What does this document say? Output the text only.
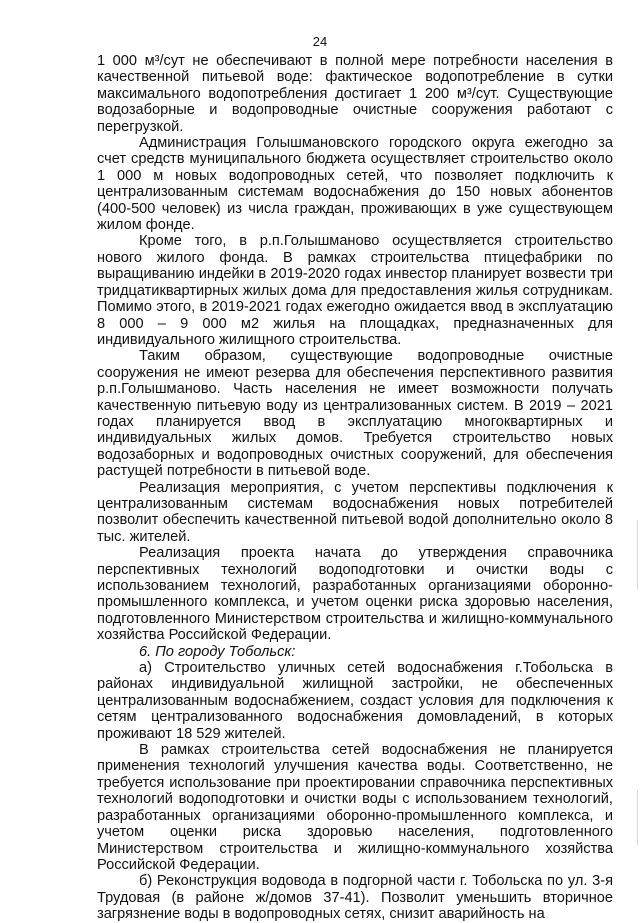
24

1 000 м³/сут не обеспечивают в полной мере потребности населения в качественной питьевой воде: фактическое водопотребление в сутки максимального водопотребления достигает 1 200 м³/сут. Существующие водозаборные и водопроводные очистные сооружения работают с перегрузкой.

Администрация Голышмановского городского округа ежегодно за счет средств муниципального бюджета осуществляет строительство около 1 000 м новых водопроводных сетей, что позволяет подключить к централизованным системам водоснабжения до 150 новых абонентов (400-500 человек) из числа граждан, проживающих в уже существующем жилом фонде.

Кроме того, в р.п.Голышманово осуществляется строительство нового жилого фонда. В рамках строительства птицефабрики по выращиванию индейки в 2019-2020 годах инвестор планирует возвести три тридцатиквартирных жилых дома для предоставления жилья сотрудникам. Помимо этого, в 2019-2021 годах ежегодно ожидается ввод в эксплуатацию 8 000 – 9 000 м2 жилья на площадках, предназначенных для индивидуального жилищного строительства.

Таким образом, существующие водопроводные очистные сооружения не имеют резерва для обеспечения перспективного развития р.п.Голышманово. Часть населения не имеет возможности получать качественную питьевую воду из централизованных систем. В 2019 – 2021 годах планируется ввод в эксплуатацию многоквартирных и индивидуальных жилых домов. Требуется строительство новых водозаборных и водопроводных очистных сооружений, для обеспечения растущей потребности в питьевой воде.

Реализация мероприятия, с учетом перспективы подключения к централизованным системам водоснабжения новых потребителей позволит обеспечить качественной питьевой водой дополнительно около 8 тыс. жителей.

Реализация проекта начата до утверждения справочника перспективных технологий водоподготовки и очистки воды с использованием технологий, разработанных организациями оборонно-промышленного комплекса, и учетом оценки риска здоровью населения, подготовленного Министерством строительства и жилищно-коммунального хозяйства Российской Федерации.

6. По городу Тобольск:

а) Строительство уличных сетей водоснабжения г.Тобольска в районах индивидуальной жилищной застройки, не обеспеченных централизованным водоснабжением, создаст условия для подключения к сетям централизованного водоснабжения домовладений, в которых проживают 18 529 жителей.

В рамках строительства сетей водоснабжения не планируется применения технологий улучшения качества воды. Соответственно, не требуется использование при проектировании справочника перспективных технологий водоподготовки и очистки воды с использованием технологий, разработанных организациями оборонно-промышленного комплекса, и учетом оценки риска здоровью населения, подготовленного Министерством строительства и жилищно-коммунального хозяйства Российской Федерации.

б) Реконструкция водовода в подгорной части г. Тобольска по ул. 3-я Трудовая (в районе ж/домов 37-41). Позволит уменьшить вторичное загрязнение воды в водопроводных сетях, снизит аварийность на
